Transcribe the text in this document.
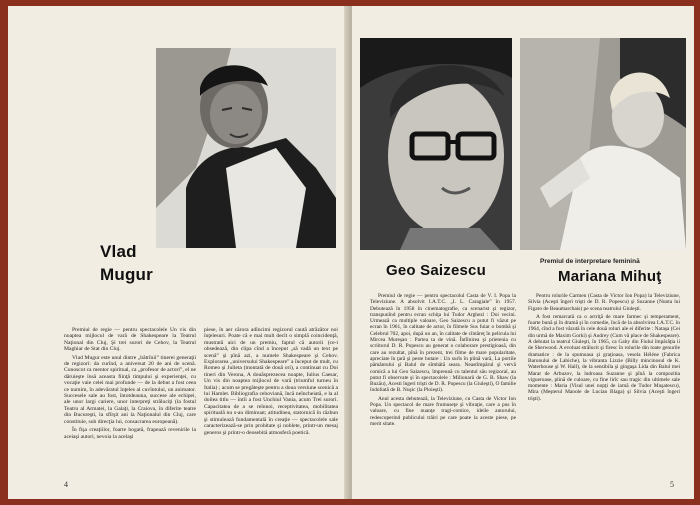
Vlad
Mugur

Premiul de regie — pentru spectacolele Un vis din noaptea mijlocul de vară de Shakespeare la Teatrul Naţional din Cluj, Şi trei surori de Cehov, la Teatrul Maghiar de Stat din Cluj.

Vlad Mugur este unul dintre „bătrînii” tinerei generaţii de regizori: da curînd, a aniversat 20 de ani de scenă. Cunoscut ca mentor spiritual, ca „profesor de actori”, el ne dăruieşte însă aceasta fiinţă timpului şi experienţei, cu vocaţie vaie celei mai profunde — de la debut a fost ceea ce numim, în adevăratul înţeles al cuvîntului, un animator. Succesele sale au fost, întotdeauna, succese ale echipei, ale unor largi cariere, unor interpreţi străluciţi (la fostul Teatru al Armatei, la Galaţi, la Craiova, în diferite teatre din Bucureşti, la sfîrşit ani la Naţionalul din Cluj, care constituie, sub direcţia lui, consacrarea europeană).

În fişa creaţiilor, foarte bogată, frapează revenirile la aceiaşi autori, nevoia la acelaşi

piese, în aer cărora adîncimi regizorul caută atrăzător noi înţelesuri. Poate că e mai mult decît o simplă coincidenţă, mustrată aici de un premiu, faptul că autorii (ce-i obsedează, din clipa cînd a început „să vadă un text pe scenă” şi pînă azi, a numele Shakespeare şi Cehov. Explorarea „universului Shakespeare” a început de mult, cu Romeo şi Julieta (montată de două ori), a continuat cu Doi tineri din Verona, A douăsprezecea noapte, Iulius Caesar, Un vis din noaptea mijlocul de vară (triumful turneu în Italia) ; acum se pregăteşte pentru a doua versiune scenică a lui Hamlet. Bibliografia cehoviană, încă neîncheiată, e la al doilea titlu — întîi a fost Unchiul Vania, acum Trei surori. Capacitatea de a se reînnoi, receptivitatea, mobilitatea spirituală nu s-au diminuat; atitudinea, statornică în răzbun şi stimulează fundamentală în creaţie — spectacolele sale caracterizează-se prin probitate şi noblete, printr-un mesaj generos şi printr-o deosebită atmosferă poetică.

4
Geo Saizescu
Premiul de interpretare feminină
Mariana Mihuţ

Premiul de regie — pentru spectacolul Casta de V. I. Popa la Televiziune. A absolvit I.A.T.C. „I. L. Caragiale” în 1957. Debutează în 1958 în cinematografie, ca scenarist şi regizor, transpunînd pentru ecran schiţa lui Tudor Arghezi : Doi vecini. Urmează ca multiple valoare, Geo Saizescu a putut fi văzut pe ecran în 1961, în calitate de actor, în filmele Sus fuiar o bombă şi Celebrul 702, apoi, după un an, în calitate de cîntăreţ în pelicula lui Mircea Mureşan : Partea ta de vină. Întîlnirea şi prietenia cu scriitorul D. R. Popescu au generat o colaborare prestigioasă, din care au rezultat, pînă în prezent, trei filme de mare popularitate, apreciate în ţară şi peste hotare : Un surîs în plină vară, La portile pământului şi Balul de sîmbătă seara. Neastîmpărul şi vervă comică a lui Geo Saizescu, împreună cu talentul său regizoral, au putut fi observate şi în spectacolele : Milionarii de G. B. Shaw (la Buzău), Acesti îngeri trişti de D. R. Popescu (la Giuleşti), O familie îndoliată de B. Nuşic (la Ploieşti).

Anul acesta debutează, la Televiziune, cu Casta de Victor Ion Popa. Un spectacol de mare frumuseţe şi vibraţie, care a pus în valoare, cu fine nuanţe tragi-comice, ideile autorului, redescoperind publicului trăiri pe care poate la aceste piese, pe merit sitate.

Pentru rolurile Carmen (Casta de Victor Ion Popa) la Televiziune, Silvia (Aceşti îngeri trişti de D. R. Popescu) şi Suzanne (Nunta lui Figaro de Beaumarchais) pe scena teatrului Giuleşti.

A fost remarcată ca o actriţă de mare farmec şi temperament, foarte bună şi în dramă şi în comedie, încă de la absolvirea I.A.T.C. în 1964, cînd a fost văzută în cele două roluri ale ei diferite : Nataşa (Cei din urmă de Maxim Gorki) şi Audrey (Cum vă place de Shakespeare). A debutat la teatrul Giuleşti, în 1965, ca Gaby din Fiului împărăţia ii de Sherwood. A evoluat strălucit şi firesc în rolurile din toate genurile dramatice : de la spumoasa şi graţioasa, vesela Héléne (Fabrica Baronului de Labiche), la vibranta Lizzie (Billy mincinosul de K. Waterhouse şi W. Hall), de la sensibila şi gingaşa Lida din Balul mei Marat de Arbuzov, la ludroasa Suzanne şi pînă la compozitia vigueroase, plină de culoare, cu fine lirîc sau tragic din ultimele sale momente : Maria (Visul unei nopţi de iarnă de Tudor Muşatescu), Mira (Meşterul Manole de Lucian Blaga) şi Silvia (Aceşti îngeri trişti).

5
